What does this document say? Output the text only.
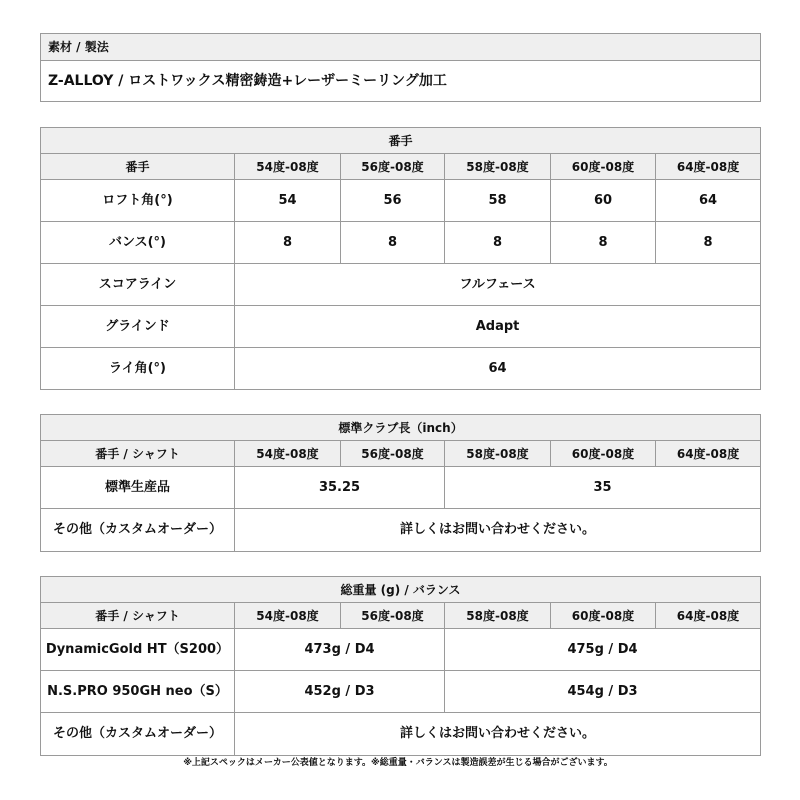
素材 / 製法
Z-ALLOY / ロストワックス精密鋳造+レーザーミーリング加工
番手					
番手	54度-08度	56度-08度	58度-08度	60度-08度	64度-08度
ロフト角(°)	54	56	58	60	64
バンス(°)	8	8	8	8	8
スコアライン	フルフェース				
グラインド	Adapt				
ライ角(°)	64				
標準クラブ長（inch）					
番手 / シャフト	54度-08度	56度-08度	58度-08度	60度-08度	64度-08度
標準生産品	35.25		35		
その他（カスタムオーダー）	詳しくはお問い合わせください。				
総重量 (g) / バランス					
番手 / シャフト	54度-08度	56度-08度	58度-08度	60度-08度	64度-08度
DynamicGold HT（S200）	473g / D4		475g / D4		
N.S.PRO 950GH neo（S）	452g / D3		454g / D3		
その他（カスタムオーダー）	詳しくはお問い合わせください。				
※上記スペックはメーカー公表値となります。※総重量・バランスは製造誤差が生じる場合がございます。
